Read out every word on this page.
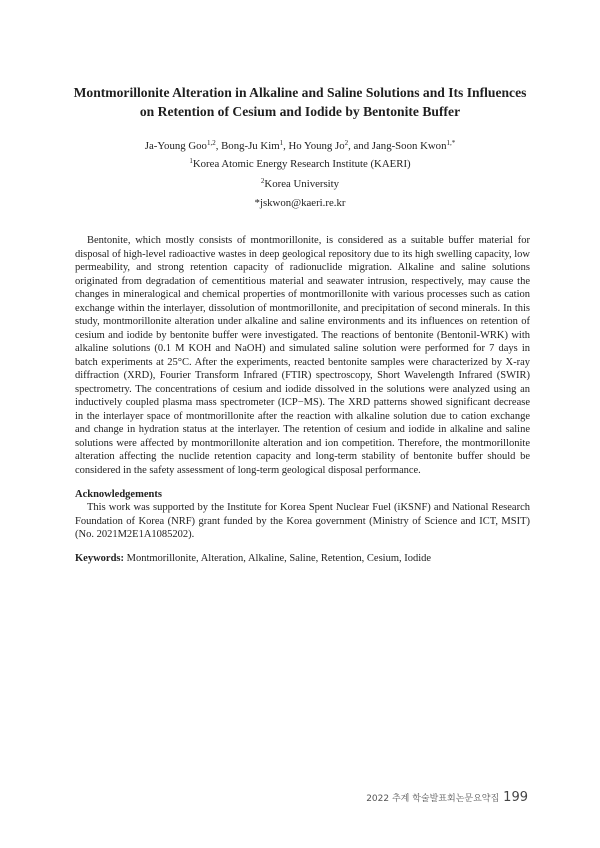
Montmorillonite Alteration in Alkaline and Saline Solutions and Its Influences
on Retention of Cesium and Iodide by Bentonite Buffer
Ja-Young Goo$^{1,2}$, Bong-Ju Kim$^1$, Ho Young Jo$^2$, and Jang-Soon Kwon$^{1,*}$
$^1$Korea Atomic Energy Research Institute (KAERI)
$^2$Korea University
*jskwon@kaeri.re.kr

Bentonite, which mostly consists of montmorillonite, is considered as a suitable buffer material for disposal of high-level radioactive wastes in deep geological repository due to its high swelling capacity, low permeability, and strong retention capacity of radionuclide migration. Alkaline and saline solutions originated from degradation of cementitious material and seawater intrusion, respectively, may cause the changes in mineralogical and chemical properties of montmorillonite with various processes such as cation exchange within the interlayer, dissolution of montmorillonite, and precipitation of second minerals. In this study, montmorillonite alteration under alkaline and saline environments and its influences on retention of cesium and iodide by bentonite buffer were investigated. The reactions of bentonite (Bentonil-WRK) with alkaline solutions (0.1 M KOH and NaOH) and simulated saline solution were performed for 7 days in batch experiments at 25°C. After the experiments, reacted bentonite samples were characterized by X-ray diffraction (XRD), Fourier Transform Infrared (FTIR) spectroscopy, Short Wavelength Infrared (SWIR) spectrometry. The concentrations of cesium and iodide dissolved in the solutions were analyzed using an inductively coupled plasma mass spectrometer (ICP−MS). The XRD patterns showed significant decrease in the interlayer space of montmorillonite after the reaction with alkaline solution due to cation exchange and change in hydration status at the interlayer. The retention of cesium and iodide in alkaline and saline solutions were affected by montmorillonite alteration and ion competition. Therefore, the montmorillonite alteration affecting the nuclide retention capacity and long-term stability of bentonite buffer should be considered in the safety assessment of long-term geological disposal performance.

Acknowledgements

This work was supported by the Institute for Korea Spent Nuclear Fuel (iKSNF) and National Research Foundation of Korea (NRF) grant funded by the Korea government (Ministry of Science and ICT, MSIT) (No. 2021M2E1A1085202).

Keywords: Montmorillonite, Alteration, Alkaline, Saline, Retention, Cesium, Iodide
2022 추계 학술발표회논문요약집 199
